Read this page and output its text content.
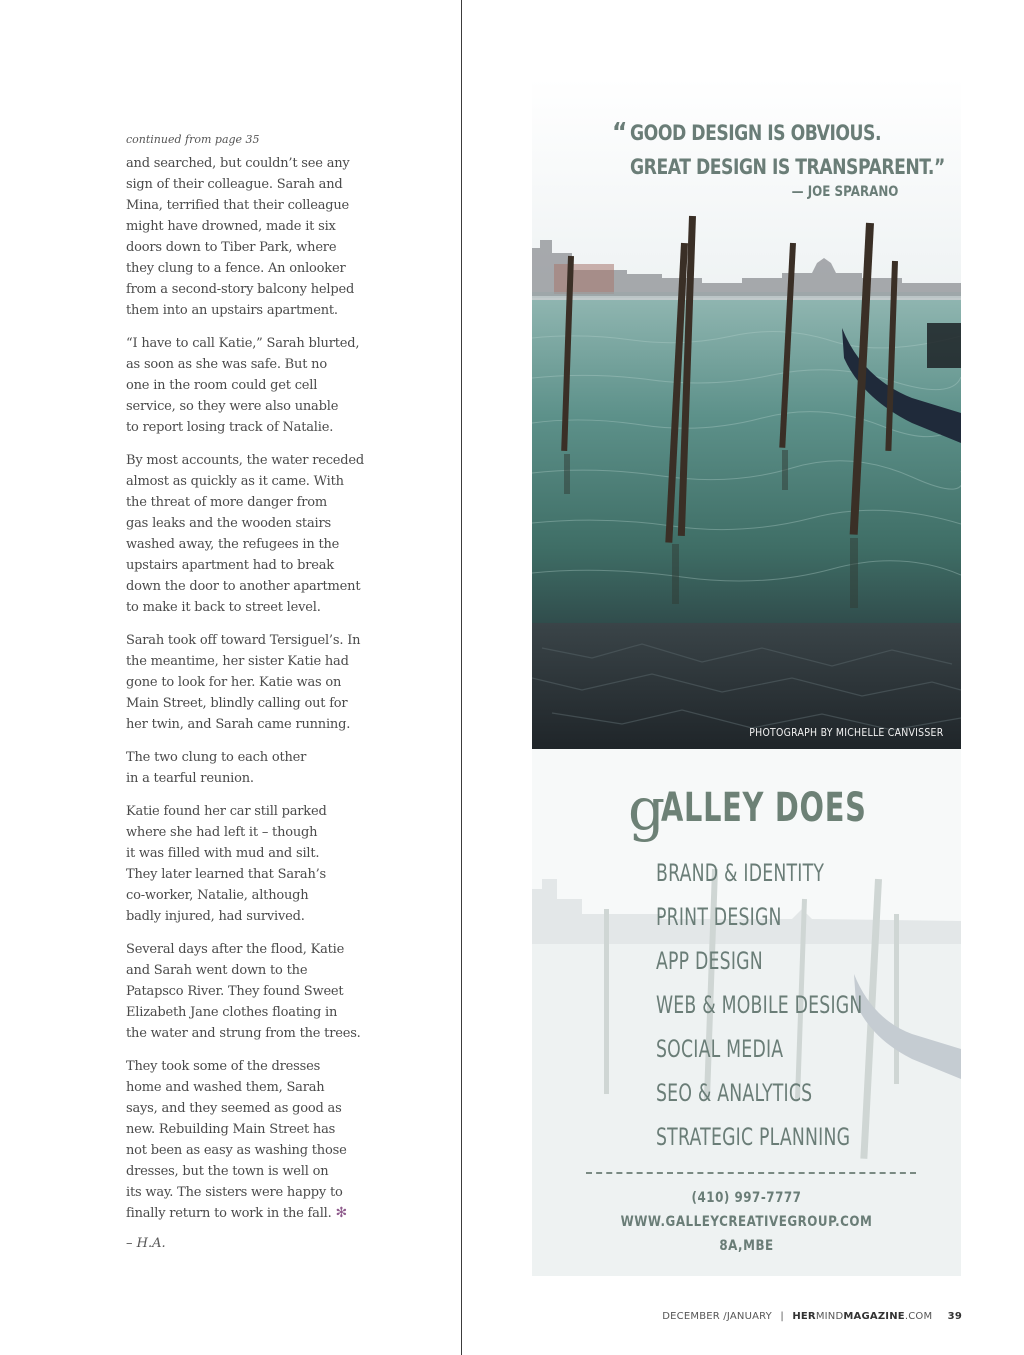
continued from page 35

and searched, but couldn’t see any
sign of their colleague. Sarah and
Mina, terrified that their colleague
might have drowned, made it six
doors down to Tiber Park, where
they clung to a fence. An onlooker
from a second-story balcony helped
them into an upstairs apartment.

“I have to call Katie,” Sarah blurted,
as soon as she was safe. But no
one in the room could get cell
service, so they were also unable
to report losing track of Natalie.

By most accounts, the water receded
almost as quickly as it came. With
the threat of more danger from
gas leaks and the wooden stairs
washed away, the refugees in the
upstairs apartment had to break
down the door to another apartment
to make it back to street level.

Sarah took off toward Tersiguel’s. In
the meantime, her sister Katie had
gone to look for her. Katie was on
Main Street, blindly calling out for
her twin, and Sarah came running.

The two clung to each other
in a tearful reunion.

Katie found her car still parked
where she had left it – though
it was filled with mud and silt.
They later learned that Sarah’s
co-worker, Natalie, although
badly injured, had survived.

Several days after the flood, Katie
and Sarah went down to the
Patapsco River. They found Sweet
Elizabeth Jane clothes floating in
the water and strung from the trees.

They took some of the dresses
home and washed them, Sarah
says, and they seemed as good as
new. Rebuilding Main Street has
not been as easy as washing those
dresses, but the town is well on
its way. The sisters were happy to
finally return to work in the fall. ✻

– H.A.
PHOTOGRAPH BY MICHELLE CANVISSER
“ GOOD DESIGN IS OBVIOUS.
GREAT DESIGN IS TRANSPARENT.”
— JOE SPARANO
gALLEY DOES
BRAND & IDENTITY
PRINT DESIGN
APP DESIGN
WEB & MOBILE DESIGN
SOCIAL MEDIA
SEO & ANALYTICS
STRATEGIC PLANNING
(410) 997-7777
WWW.GALLEYCREATIVEGROUP.COM
8A,MBE
DECEMBER /JANUARY | HERMINDMAGAZINE.COM 39
